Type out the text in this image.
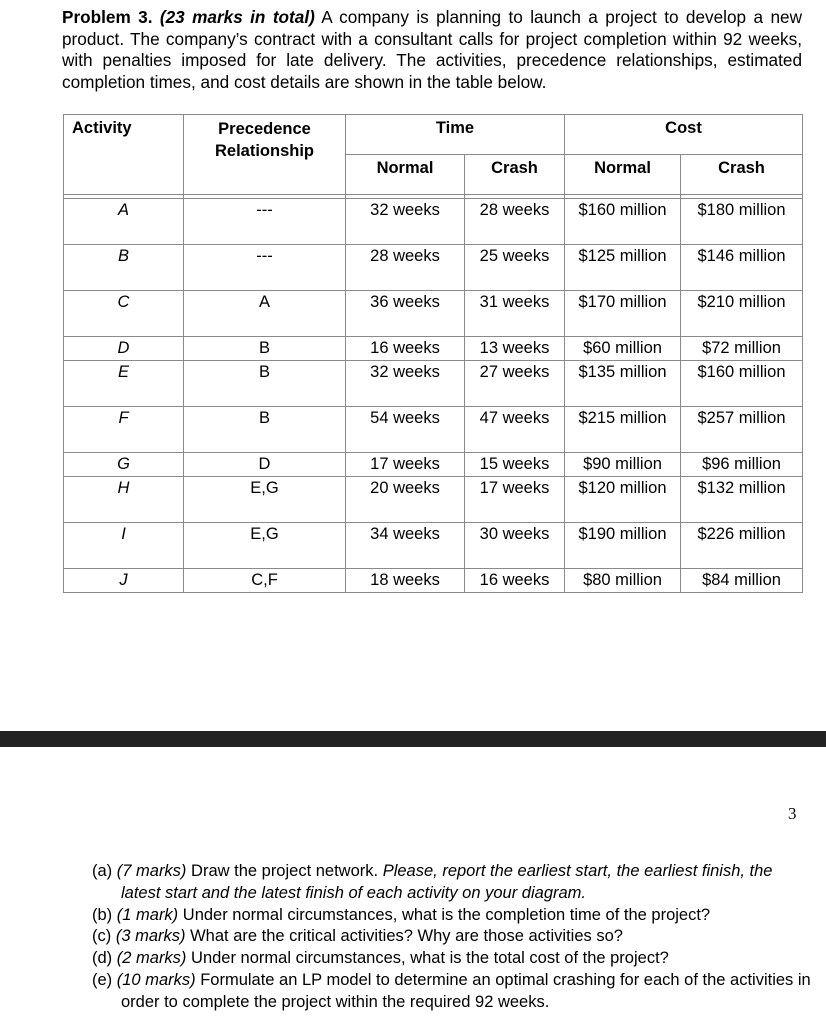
Problem 3. (23 marks in total) A company is planning to launch a project to develop a new product. The company’s contract with a consultant calls for project completion within 92 weeks, with penalties imposed for late delivery. The activities, precedence relationships, estimated completion times, and cost details are shown in the table below.
Activity	Precedence
Relationship	Time		Cost	
		Normal	Crash	Normal	Crash

A	---	32 weeks	28 weeks	$160 million	$180 million
B	---	28 weeks	25 weeks	$125 million	$146 million
C	A	36 weeks	31 weeks	$170 million	$210 million
D	B	16 weeks	13 weeks	$60 million	$72 million
E	B	32 weeks	27 weeks	$135 million	$160 million
F	B	54 weeks	47 weeks	$215 million	$257 million
G	D	17 weeks	15 weeks	$90 million	$96 million
H	E,G	20 weeks	17 weeks	$120 million	$132 million
I	E,G	34 weeks	30 weeks	$190 million	$226 million
J	C,F	18 weeks	16 weeks	$80 million	$84 million
3
(a) (7 marks) Draw the project network. Please, report the earliest start, the earliest finish, the latest start and the latest finish of each activity on your diagram.
(b) (1 mark) Under normal circumstances, what is the completion time of the project?
(c) (3 marks) What are the critical activities? Why are those activities so?
(d) (2 marks) Under normal circumstances, what is the total cost of the project?
(e) (10 marks) Formulate an LP model to determine an optimal crashing for each of the activities in order to complete the project within the required 92 weeks.
